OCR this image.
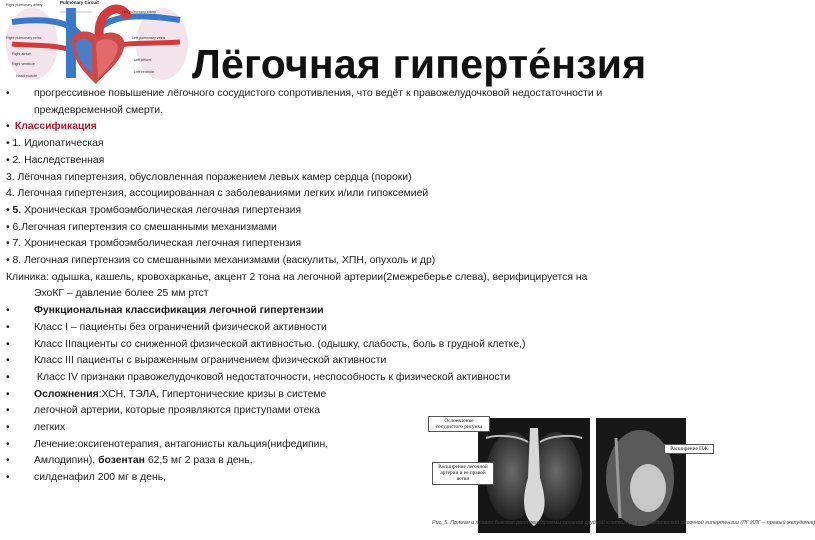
Pulmonary Circuit
Right pulmonary artery
Left pulmonary artery
Right pulmonary veins	Left pulmonary veins
Right atrium
Left atrium
Right ventricle
Left ventricle
Heart muscle	Лёгочная гиперте́нзия
• прогрессивное повышение лёгочного сосудистого сопротивления, что ведёт к правожелудочковой недостаточности и
преждевременной смерти.
• Классификация
• 1. Идиопатическая
• 2. Наследственная
3. Лёгочная гипертензия, обусловленная поражением левых камер сердца (пороки)
4. Легочная гипертензия, ассоциированная с заболеваниями легких и/или гипоксемией
• 5. Хроническая тромбоэмболическая легочная гипертензия
• 6.Легочная гипертензия со смешанными механизмами
• 7. Хроническая тромбоэмболическая легочная гипертензия
• 8. Легочная гипертензия со смешанными механизмами (васкулиты, ХПН, опухоль и др)
Клиника: одышка, кашель, кровохарканье, акцент 2 тона на легочной артерии(2межреберье слева), верифицируется на
ЭхоКГ – давление более 25 мм ртст
• Функциональная классификация легочной гипертензии
• Класс I – пациенты без ограничений физической активности
• Класс IIпациенты со сниженной физической активностью. (одышку, слабость, боль в грудной клетке,)
• Класс III пациенты с выраженным ограничением физической активности
• Класс IV признаки правожелудочковой недостаточности, неспособность к физической активности
• Осложнения:ХСН, ТЭЛА, Гипертонические кризы в системе
• легочной артерии, которые проявляются приступами отека
• легких
• Лечение:оксигенотерапия, антагонисты кальция(нифедипин,
• Амлодипин), бозентан 62,5 мг 2 раза в день,
• силденафил 200 мг в день,
Ослоевление сосудистого рисунка
Расширение легочной артерии и ее правой ветви
Расширение ПЖ
Рис. 5. Прямая и правая боковая рентгенограммы органов грудной клетки при идиопатической легочной гипертензии (ЛГ ИЛГ – правый желудочек)
